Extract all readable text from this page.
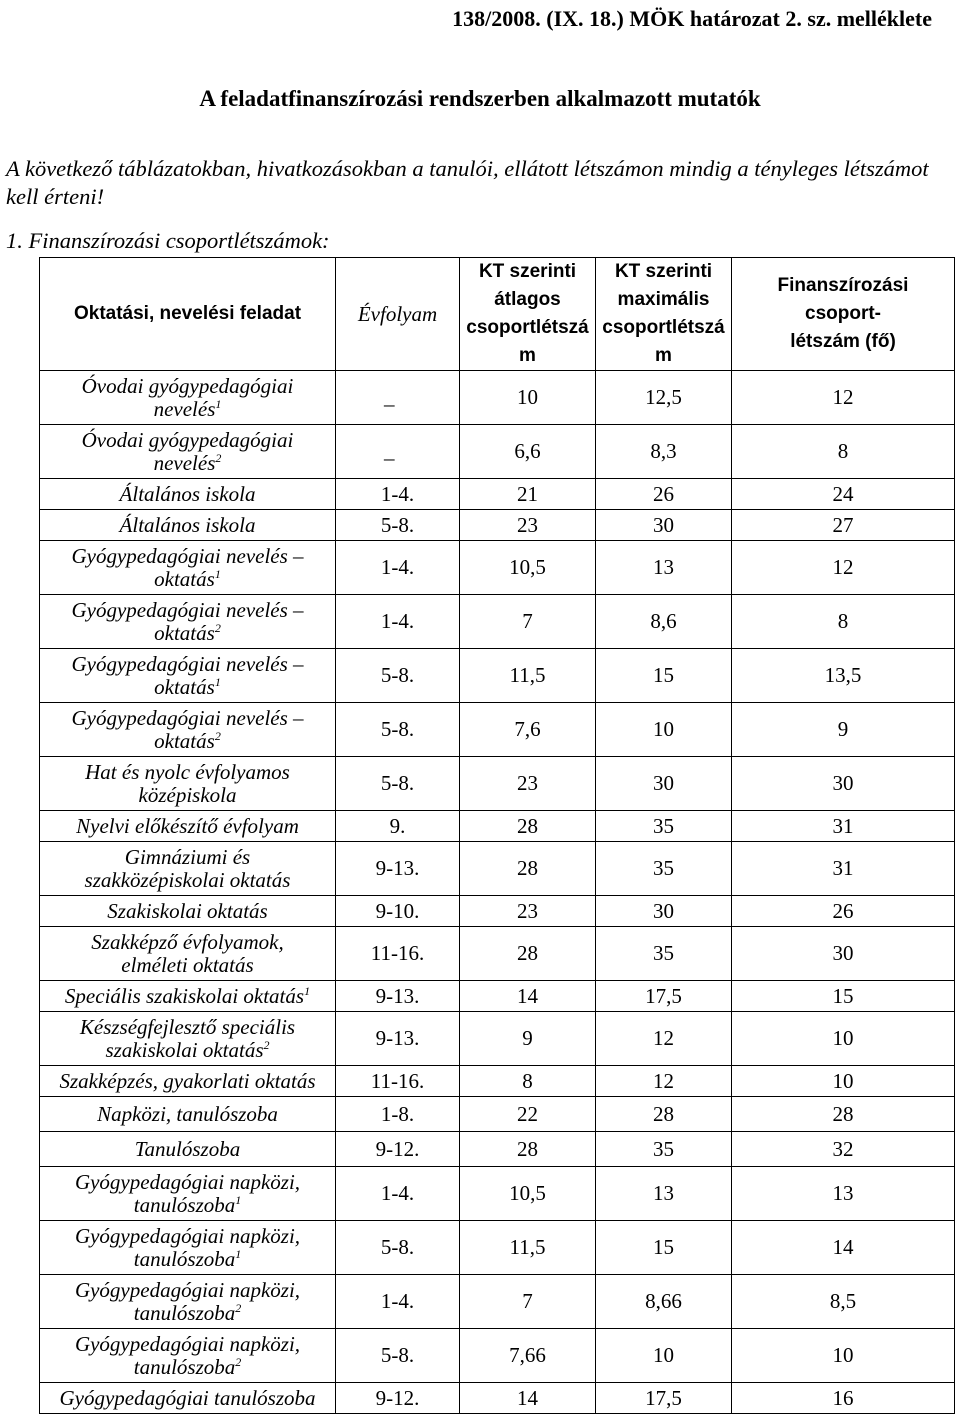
138/2008. (IX. 18.) MÖK határozat 2. sz. melléklete
A feladatfinanszírozási rendszerben alkalmazott mutatók
A következő táblázatokban, hivatkozásokban a tanulói, ellátott létszámon mindig a tényleges létszámot kell érteni!
1. Finanszírozási csoportlétszámok:
Oktatási, nevelési feladat	Évfolyam	KT szerinti
átlagos
csoportlétszá
m	KT szerinti
maximális
csoportlétszá
m	Finanszírozási
csoport-
létszám (fő)

Óvodai gyógypedagógiai
nevelés$^1$	_	10	12,5	12
Óvodai gyógypedagógiai
nevelés$^2$	_	6,6	8,3	8
Általános iskola	1-4.	21	26	24
Általános iskola	5-8.	23	30	27
Gyógypedagógiai nevelés –
oktatás$^1$	1-4.	10,5	13	12
Gyógypedagógiai nevelés –
oktatás$^2$	1-4.	7	8,6	8
Gyógypedagógiai nevelés –
oktatás$^1$	5-8.	11,5	15	13,5
Gyógypedagógiai nevelés –
oktatás$^2$	5-8.	7,6	10	9
Hat és nyolc évfolyamos
középiskola	5-8.	23	30	30
Nyelvi előkészítő évfolyam	9.	28	35	31
Gimnáziumi és
szakközépiskolai oktatás	9-13.	28	35	31
Szakiskolai oktatás	9-10.	23	30	26
Szakképző évfolyamok,
elméleti oktatás	11-16.	28	35	30
Speciális szakiskolai oktatás$^1$	9-13.	14	17,5	15
Készségfejlesztő speciális
szakiskolai oktatás$^2$	9-13.	9	12	10
Szakképzés, gyakorlati oktatás	11-16.	8	12	10
Napközi, tanulószoba	1-8.	22	28	28
Tanulószoba	9-12.	28	35	32
Gyógypedagógiai napközi,
tanulószoba$^1$	1-4.	10,5	13	13
Gyógypedagógiai napközi,
tanulószoba$^1$	5-8.	11,5	15	14
Gyógypedagógiai napközi,
tanulószoba$^2$	1-4.	7	8,66	8,5
Gyógypedagógiai napközi,
tanulószoba$^2$	5-8.	7,66	10	10
Gyógypedagógiai tanulószoba	9-12.	14	17,5	16
